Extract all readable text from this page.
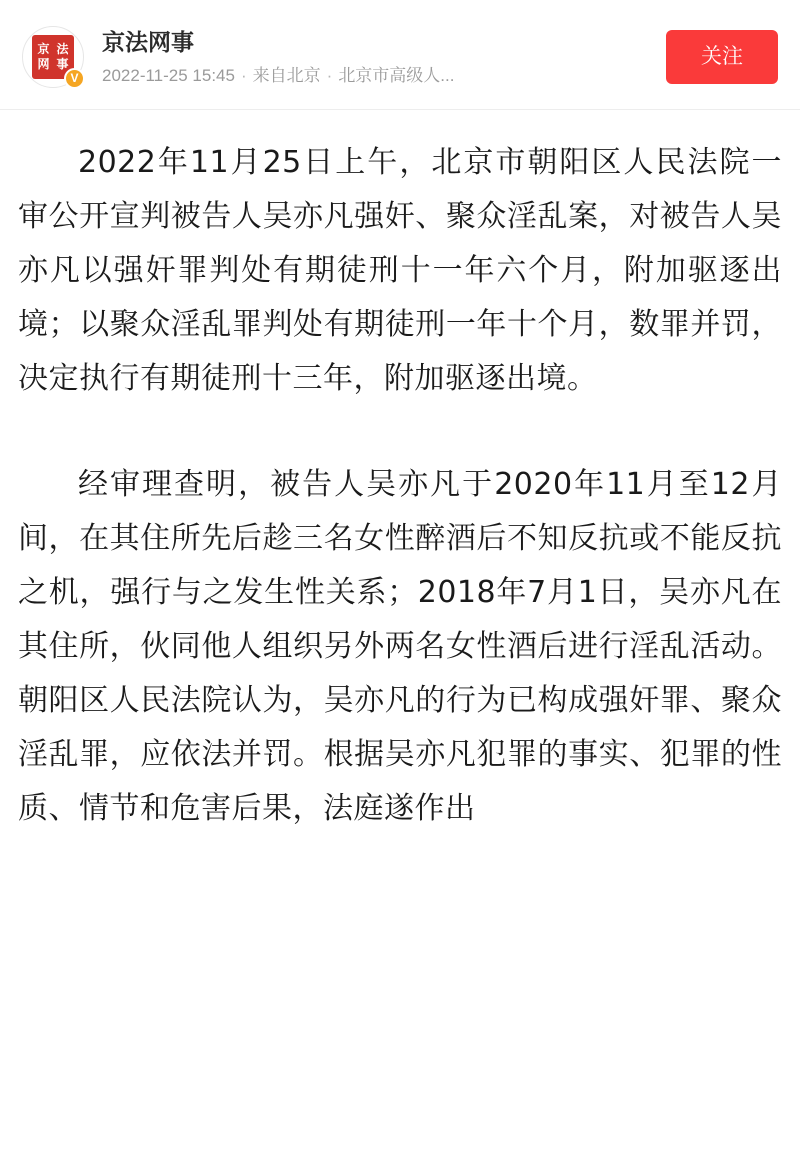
京 法
网 事
V
京法网事
2022-11-25 15:45 · 来自北京 · 北京市高级人...
关注

2022年11月25日上午，北京市朝阳区人民法院一审公开宣判被告人吴亦凡强奸、聚众淫乱案，对被告人吴亦凡以强奸罪判处有期徒刑十一年六个月，附加驱逐出境；以聚众淫乱罪判处有期徒刑一年十个月，数罪并罚，决定执行有期徒刑十三年，附加驱逐出境。

经审理查明，被告人吴亦凡于2020年11月至12月间，在其住所先后趁三名女性醉酒后不知反抗或不能反抗之机，强行与之发生性关系；2018年7月1日，吴亦凡在其住所，伙同他人组织另外两名女性酒后进行淫乱活动。朝阳区人民法院认为，吴亦凡的行为已构成强奸罪、聚众淫乱罪，应依法并罚。根据吴亦凡犯罪的事实、犯罪的性质、情节和危害后果，法庭遂作出
